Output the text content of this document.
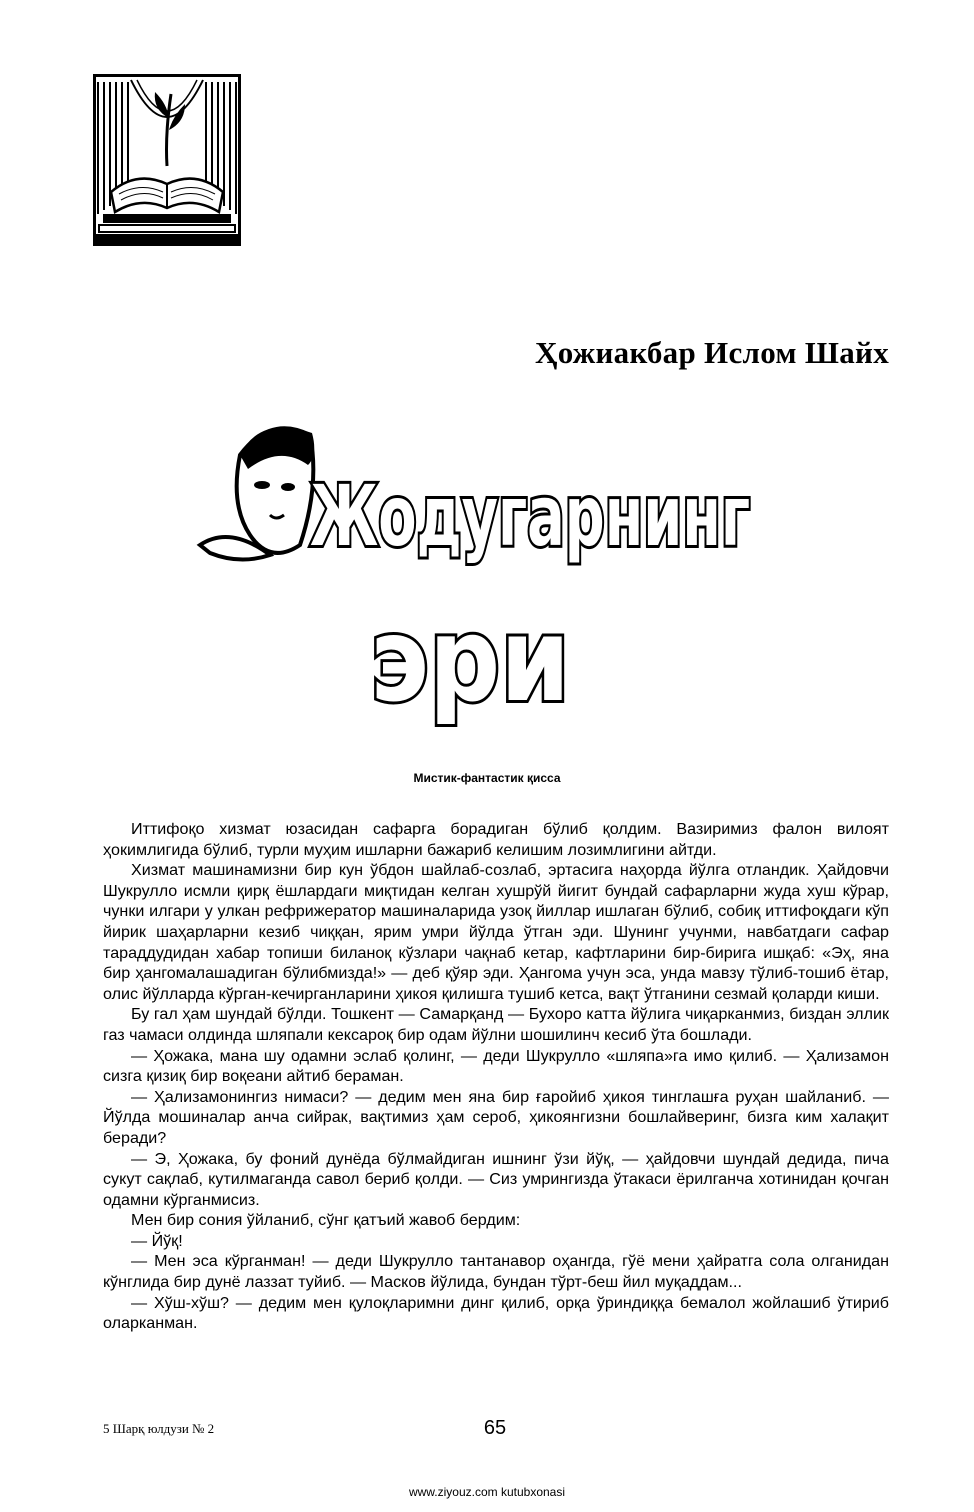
Ҳожиакбар Ислом Шайх
Жодугарнинг
эри
Мистик-фантастик қисса

Иттифоқо хизмат юзасидан сафарга борадиган бўлиб қолдим. Вазиримиз фалон вилоят ҳокимлигида бўлиб, турли муҳим ишларни бажариб келишим лозимлигини айтди.

Хизмат машинамизни бир кун ўбдон шайлаб-созлаб, эртасига наҳорда йўлга отландик. Ҳайдовчи Шукрулло исмли қирқ ёшлардаги миқтидан келган хушрўй йигит бундай сафарларни жуда хуш кўрар, чунки илгари у улкан рефрижератор машиналарида узоқ йиллар ишлаган бўлиб, собиқ иттифоқдаги кўп йирик шаҳарларни кезиб чиққан, ярим умри йўлда ўтган эди. Шунинг учунми, навбатдаги сафар тараддудидан хабар топиши биланоқ кўзлари чақнаб кетар, кафтларини бир-бирига ишқаб: «Эҳ, яна бир ҳангомалашадиган бўлибмизда!» — деб қўяр эди. Ҳангома учун эса, унда мавзу тўлиб-тошиб ётар, олис йўлларда кўрган-кечирганларини ҳикоя қилишга тушиб кетса, вақт ўтганини сезмай қоларди киши.

Бу гал ҳам шундай бўлди. Тошкент — Самарқанд — Бухоро катта йўлига чиқарканмиз, биздан эллик газ чамаси олдинда шляпали кексароқ бир одам йўлни шошилинч кесиб ўта бошлади.

— Ҳожака, мана шу одамни эслаб қолинг, — деди Шукрулло «шляпа»га имо қилиб. — Ҳализамон сизга қизиқ бир воқеани айтиб бераман.

— Ҳализамонингиз нимаси? — дедим мен яна бир ғаройиб ҳикоя тинглашға руҳан шайланиб. — Йўлда мошиналар анча сийрак, вақтимиз ҳам сероб, ҳикоянгизни бошлайверинг, бизга ким халақит беради?

— Э, Ҳожака, бу фоний дунёда бўлмайдиган ишнинг ўзи йўқ, — ҳайдовчи шундай дедида, пича сукут сақлаб, кутилмаганда савол бериб қолди. — Сиз умрингизда ўтакаси ёрилганча хотинидан қочган одамни кўрганмисиз.

Мен бир сония ўйланиб, сўнг қатъий жавоб бердим:

— Йўқ!

— Мен эса кўрганман! — деди Шукрулло тантанавор оҳангда, гўё мени ҳайратга сола олганидан кўнглида бир дунё лаззат туйиб. — Масков йўлида, бундан тўрт-беш йил муқаддам...

— Хўш-хўш? — дедим мен қулоқларимни динг қилиб, орқа ўриндиққа бемалол жойлашиб ўтириб оларканман.

5 Шарқ юлдузи № 2	65
www.ziyouz.com kutubxonasi
